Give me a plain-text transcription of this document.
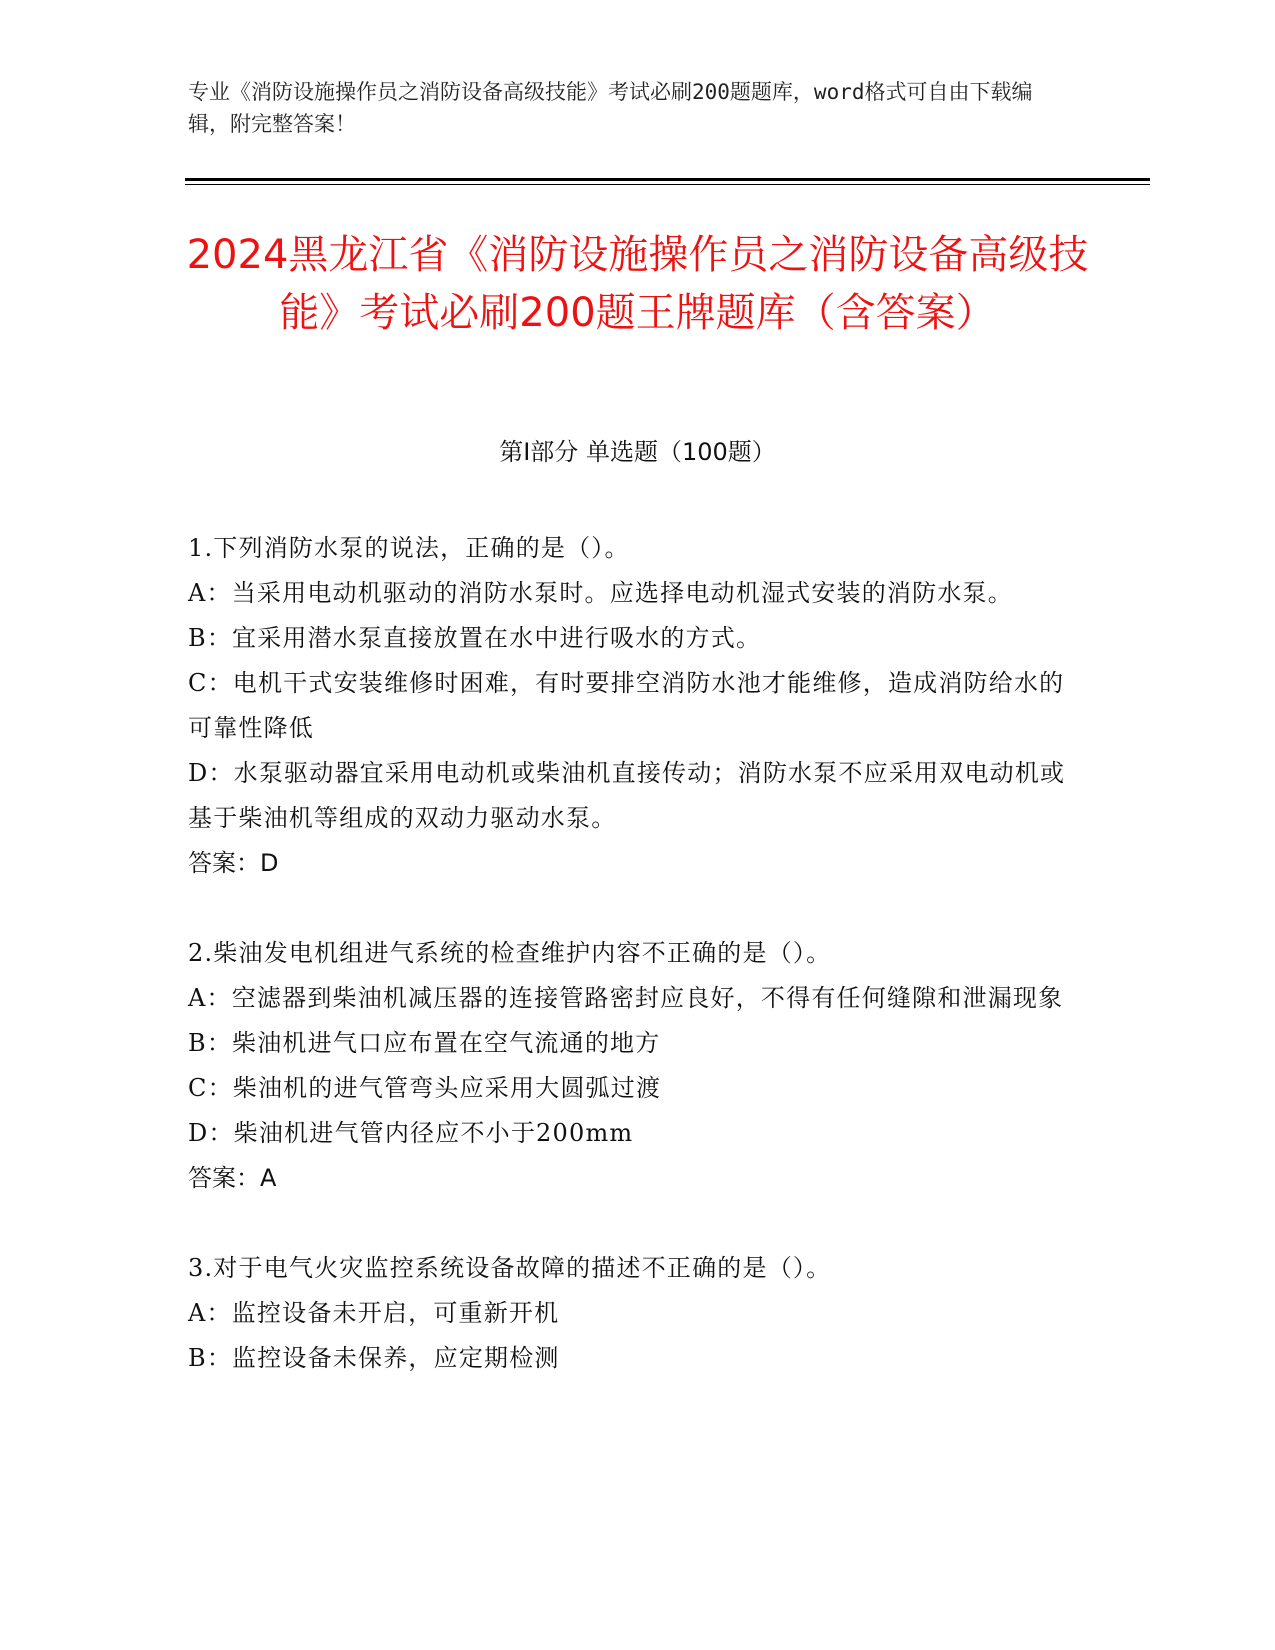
专业《消防设施操作员之消防设备高级技能》考试必刷200题题库，word格式可自由下载编辑，附完整答案！
2024黑龙江省《消防设施操作员之消防设备高级技能》考试必刷200题王牌题库（含答案）
第I部分 单选题（100题）
1.下列消防水泵的说法，正确的是（）。
A：当采用电动机驱动的消防水泵时。应选择电动机湿式安装的消防水泵。
B：宜采用潜水泵直接放置在水中进行吸水的方式。
C：电机干式安装维修时困难，有时要排空消防水池才能维修，造成消防给水的可靠性降低
D：水泵驱动器宜采用电动机或柴油机直接传动；消防水泵不应采用双电动机或基于柴油机等组成的双动力驱动水泵。
答案：D
2.柴油发电机组进气系统的检查维护内容不正确的是（）。
A：空滤器到柴油机减压器的连接管路密封应良好，不得有任何缝隙和泄漏现象
B：柴油机进气口应布置在空气流通的地方
C：柴油机的进气管弯头应采用大圆弧过渡
D：柴油机进气管内径应不小于200mm
答案：A
3.对于电气火灾监控系统设备故障的描述不正确的是（）。
A：监控设备未开启，可重新开机
B：监控设备未保养，应定期检测
